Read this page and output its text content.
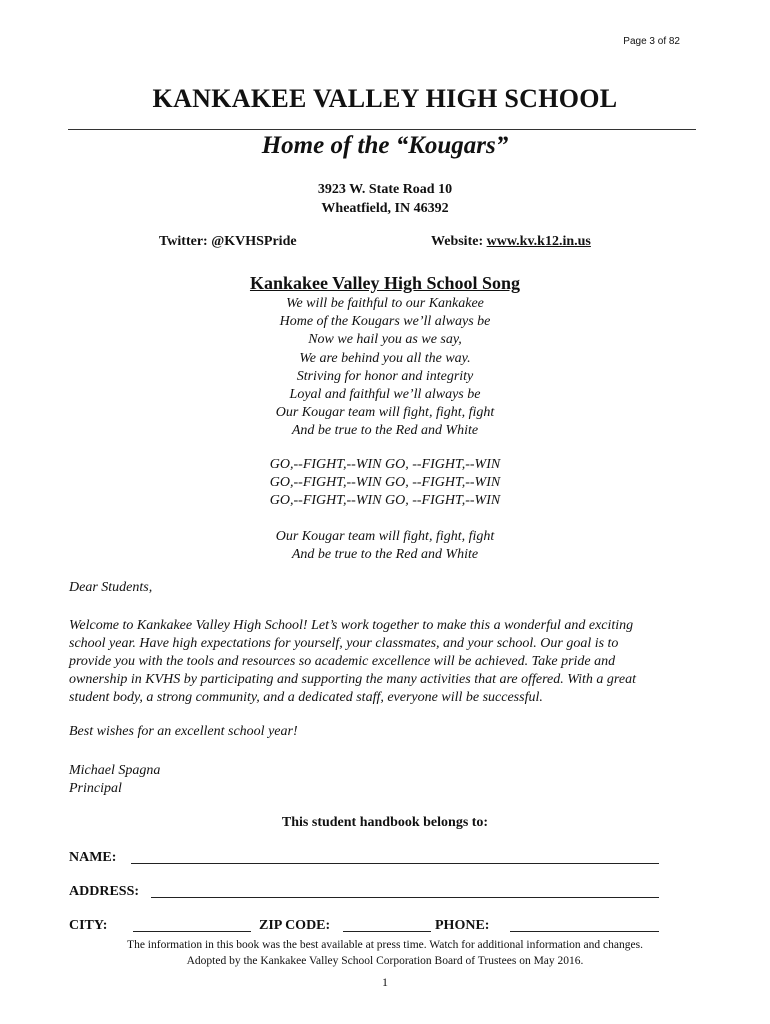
Page 3 of 82
KANKAKEE VALLEY HIGH SCHOOL
Home of the “Kougars”
3923 W. State Road 10
Wheatfield, IN 46392
Twitter: @KVHSPride	Website: www.kv.k12.in.us
Kankakee Valley High School Song
We will be faithful to our Kankakee
Home of the Kougars we’ll always be
Now we hail you as we say,
We are behind you all the way.
Striving for honor and integrity
Loyal and faithful we’ll always be
Our Kougar team will fight, fight, fight
And be true to the Red and White
GO,--FIGHT,--WIN GO, --FIGHT,--WIN
GO,--FIGHT,--WIN GO, --FIGHT,--WIN
GO,--FIGHT,--WIN GO, --FIGHT,--WIN
Our Kougar team will fight, fight, fight
And be true to the Red and White
Dear Students,
Welcome to Kankakee Valley High School! Let’s work together to make this a wonderful and exciting
school year. Have high expectations for yourself, your classmates, and your school. Our goal is to
provide you with the tools and resources so academic excellence will be achieved. Take pride and
ownership in KVHS by participating and supporting the many activities that are offered. With a great
student body, a strong community, and a dedicated staff, everyone will be successful.
Best wishes for an excellent school year!
Michael Spagna
Principal
This student handbook belongs to:
NAME:
ADDRESS:
CITY:	ZIP CODE:	PHONE:
The information in this book was the best available at press time. Watch for additional information and changes.
Adopted by the Kankakee Valley School Corporation Board of Trustees on May 2016.
1
